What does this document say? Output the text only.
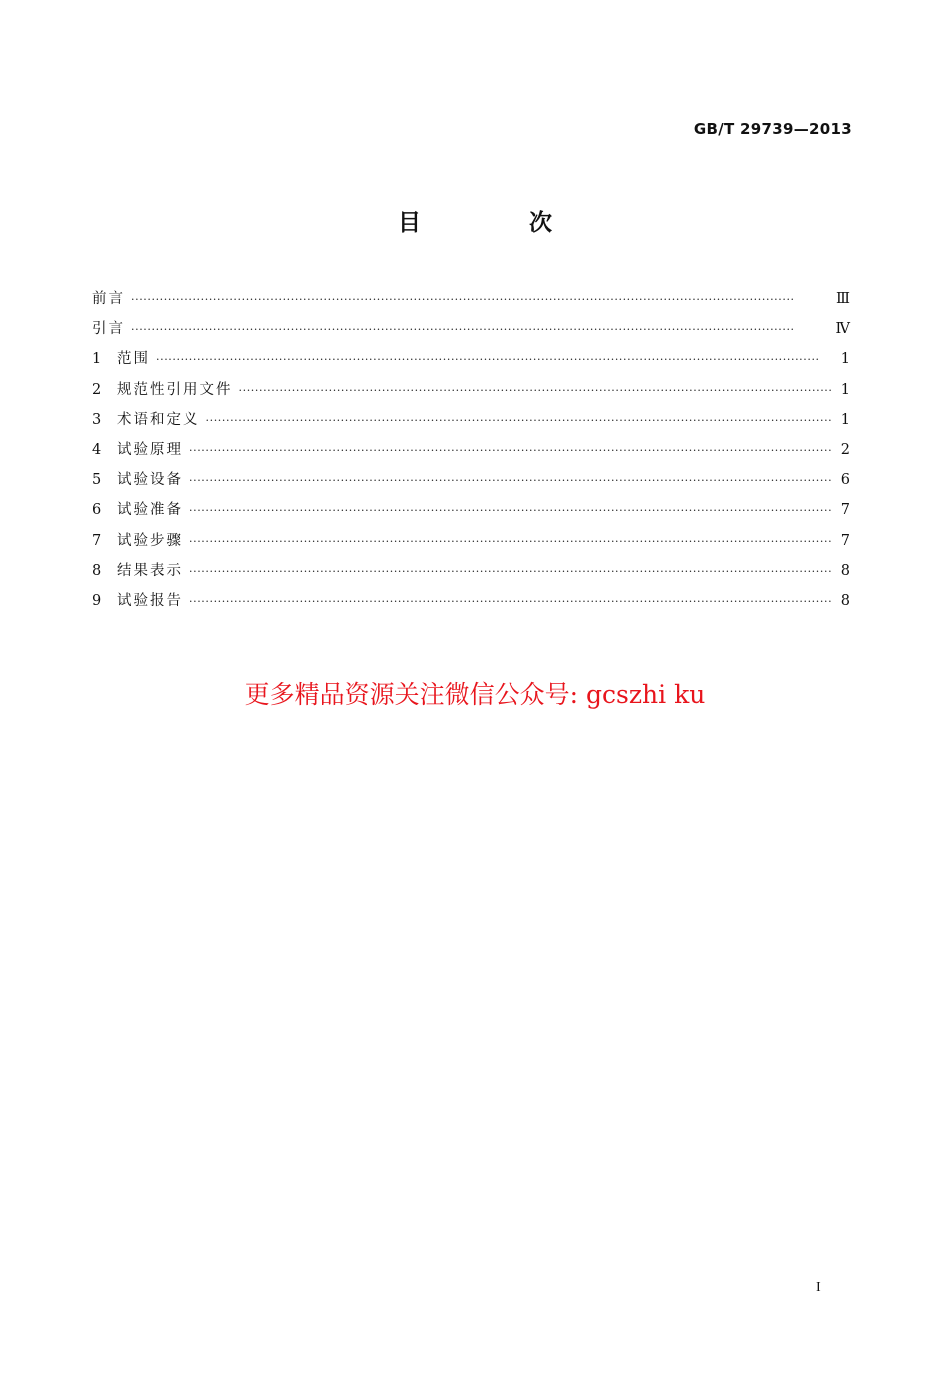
GB/T 29739—2013
目 次
前言 ·····	Ⅲ
引言 ·····	Ⅳ
1	范围 ·····	1
2	规范性引用文件 ·····	1
3	术语和定义 ·····	1
4	试验原理 ·····	2
5	试验设备 ·····	6
6	试验准备 ·····	7
7	试验步骤 ·····	7
8	结果表示 ·····	8
9	试验报告 ·····	8
更多精品资源关注微信公众号: gcszhi ku
I
